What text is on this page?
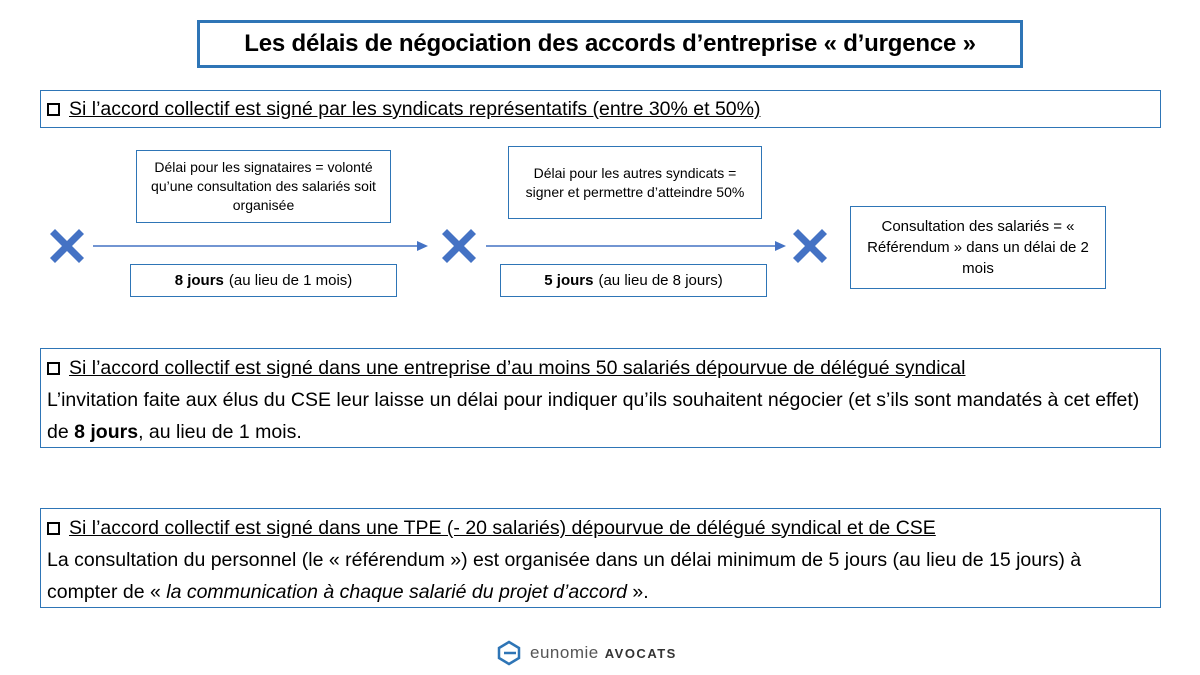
Les délais de négociation des accords d’entreprise « d’urgence »
Si l’accord collectif est signé par les syndicats représentatifs (entre 30% et 50%)
Délai pour les signataires = volonté qu’une consultation des salariés soit organisée
Délai pour les autres syndicats = signer et permettre d’atteindre 50%
8 jours (au lieu de 1 mois)	5 jours (au lieu de 8 jours)
Consultation des salariés = « Référendum » dans un délai de 2 mois
Si l’accord collectif est signé dans une entreprise d’au moins 50 salariés dépourvue de délégué syndical
L’invitation faite aux élus du CSE leur laisse un délai pour indiquer qu’ils souhaitent négocier (et s’ils sont mandatés à cet effet) de 8 jours, au lieu de 1 mois.
Si l’accord collectif est signé dans une TPE (- 20 salariés) dépourvue de délégué syndical et de CSE
La consultation du personnel (le « référendum ») est organisée dans un délai minimum de 5 jours (au lieu de 15 jours) à compter de « la communication à chaque salarié du projet d’accord ».
eunomie AVOCATS
